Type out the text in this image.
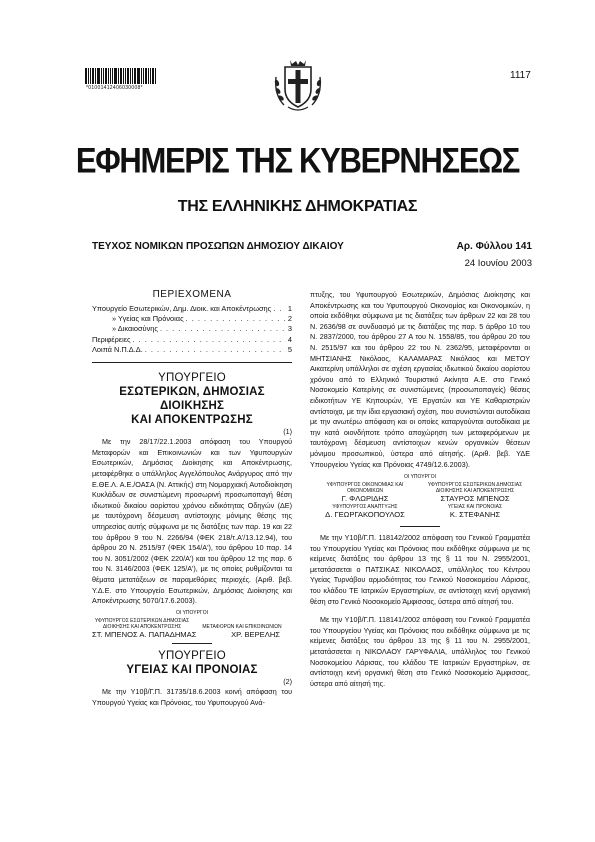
*01001412406030008*
1117
ΕΦΗΜΕΡΙΣ ΤΗΣ ΚΥΒΕΡΝΗΣΕΩΣ
ΤΗΣ ΕΛΛΗΝΙΚΗΣ ΔΗΜΟΚΡΑΤΙΑΣ
ΤΕΥΧΟΣ ΝΟΜΙΚΩΝ ΠΡΟΣΩΠΩΝ ΔΗΜΟΣΙΟΥ ΔΙΚΑΙΟΥ	Αρ. Φύλλου 141
24 Ιουνίου 2003
ΠΕΡΙΕΧΟΜΕΝΑ
Υπουργείο Εσωτερικών, Δημ. Διοικ. και Αποκέντρωσης . . . 1
» Υγείας και Πρόνοιας . . .	2
» Δικαιοσύνης . . .	3
Περιφέρειες . . .	4
Λοιπά Ν.Π.Δ.Δ. . . .	5
ΥΠΟΥΡΓΕΙΟ
ΕΣΩΤΕΡΙΚΩΝ, ΔΗΜΟΣΙΑΣ ΔΙΟΙΚΗΣΗΣ
ΚΑΙ ΑΠΟΚΕΝΤΡΩΣΗΣ
(1)

Με την 28/17/22.1.2003 απόφαση του Υπουργού Μεταφορών και Επικοινωνιών και των Υφυπουργών Εσωτερικών, Δημόσιας Διοίκησης και Αποκέντρωσης, μεταφέρθηκε ο υπάλληλος Αγγελόπουλος Ανάργυρος από την Ε.ΘΕ.Λ. Α.Ε./ΟΑΣΑ (Ν. Αττικής) στη Νομαρχιακή Αυτοδιοίκηση Κυκλάδων σε συνιστώμενη προσωρινή προσωποπαγή θέση ιδιωτικού δικαίου αορίστου χρόνου ειδικότητας Οδηγών (ΔΕ) με ταυτόχρονη δέσμευση αντίστοιχης μόνιμης θέσης της υπηρεσίας αυτής σύμφωνα με τις διατάξεις των παρ. 19 και 22 του άρθρου 9 του Ν. 2266/94 (ΦΕΚ 218/τ.Α'/13.12.94), του άρθρου 20 Ν. 2515/97 (ΦΕΚ 154/Α'), του άρθρου 10 παρ. 14 του Ν. 3051/2002 (ΦΕΚ 220/Α') και του άρθρου 12 της παρ. 6 του Ν. 3146/2003 (ΦΕΚ 125/Α'), με τις οποίες ρυθμίζονται τα θέματα μετατάξεων σε παραμεθόριες περιοχές. (Αριθ. βεβ. Υ.Δ.Ε. στο Υπουργείο Εσωτερικών, Δημόσιας Διοίκησης και Αποκέντρωσης 5070/17.6.2003).

ΟΙ ΥΠΟΥΡΓΟΙ
ΥΦΥΠΟΥΡΓΟΣ ΕΣΩΤΕΡΙΚΩΝ ΔΗΜΟΣΙΑΣ ΔΙΟΙΚΗΣΗΣ ΚΑΙ ΑΠΟΚΕΝΤΡΩΣΗΣ	ΜΕΤΑΦΟΡΩΝ ΚΑΙ ΕΠΙΚΟΙΝΩΝΙΩΝ
ΣΤ. ΜΠΕΝΟΣ Α. ΠΑΠΑΔΗΜΑΣ	ΧΡ. ΒΕΡΕΛΗΣ
ΥΠΟΥΡΓΕΙΟ
ΥΓΕΙΑΣ ΚΑΙ ΠΡΟΝΟΙΑΣ
(2)

Με την Υ10β/Γ.Π. 31735/18.6.2003 κοινή απόφαση του Υπουργού Υγείας και Πρόνοιας, του Υφυπουργού Ανά-

πτυξης, του Υφυπουργού Εσωτερικών, Δημόσιας Διοίκησης και Αποκέντρωσης και του Υφυπουργού Οικονομίας και Οικονομικών, η οποία εκδόθηκε σύμφωνα με τις διατάξεις των άρθρων 22 και 28 του Ν. 2636/98 σε συνδυασμό με τις διατάξεις της παρ. 5 άρθρο 10 του Ν. 2837/2000, του άρθρου 27 Α του Ν. 1558/85, του άρθρου 20 του Ν. 2515/97 και του άρθρου 22 του Ν. 2362/95, μεταφέρονται οι ΜΗΤΣΙΑΝΗΣ Νικόλαος, ΚΑΛΑΜΑΡΑΣ Νικόλαος και ΜΕΤΟΥ Αικατερίνη υπάλληλοι σε σχέση εργασίας ιδιωτικού δικαίου αορίστου χρόνου από το Ελληνικό Τουριστικό Ακίνητα Α.Ε. στο Γενικό Νοσοκομείο Κατερίνης σε συνιστώμενες (προσωποπαγείς) θέσεις ειδικοτήτων ΥΕ Κηπουρών, ΥΕ Εργατών και ΥΕ Καθαριστριών αντίστοιχα, με την ίδια εργασιακή σχέση, που συνιστώνται αυτοδίκαια με την ανωτέρω απόφαση και οι οποίες καταργούνται αυτοδίκαια με την κατά οιονδήποτε τρόπο αποχώρηση των μεταφερόμενων με ταυτόχρονη δέσμευση αντίστοιχων κενών οργανικών θέσεων μόνιμου προσωπικού, ύστερα από αίτησής. (Αριθ. βεβ. ΥΔΕ Υπουργείου Υγείας και Πρόνοιας 4749/12.6.2003).

ΟΙ ΥΠΟΥΡΓΟΙ
ΥΦΥΠΟΥΡΓΟΣ ΟΙΚΟΝΟΜΙΑΣ ΚΑΙ ΟΙΚΟΝΟΜΙΚΩΝ
Γ. ΦΛΩΡΙΔΗΣ
ΥΦΥΠΟΥΡΓΟΣ ΕΣΩΤΕΡΙΚΩΝ ΔΗΜΟΣΙΑΣ ΔΙΟΙΚΗΣΗΣ ΚΑΙ ΑΠΟΚΕΝΤΡΩΣΗΣ
ΣΤΑΥΡΟΣ ΜΠΕΝΟΣ
ΥΦΥΠΟΥΡΓΟΣ ΑΝΑΠΤΥΞΗΣ
Δ. ΓΕΩΡΓΑΚΟΠΟΥΛΟΣ
ΥΓΕΙΑΣ ΚΑΙ ΠΡΟΝΟΙΑΣ
Κ. ΣΤΕΦΑΝΗΣ

Με την Υ10β/Γ.Π. 118142/2002 απόφαση του Γενικού Γραμματέα του Υπουργείου Υγείας και Πρόνοιας που εκδόθηκε σύμφωνα με τις κείμενες διατάξεις του άρθρου 13 της § 11 του Ν. 2955/2001, μετατάσσεται ο ΠΑΤΣΙΚΑΣ ΝΙΚΟΛΑΟΣ, υπάλληλος του Κέντρου Υγείας Τυρνάβου αρμοδιότητας του Γενικού Νοσοκομείου Λάρισας, του κλάδου ΤΕ Ιατρικών Εργαστηρίων, σε αντίστοιχη κενή οργανική θέση στο Γενικό Νοσοκομείο Άμφισσας, ύστερα από αίτησή του.

Με την Υ10β/Γ.Π. 118141/2002 απόφαση του Γενικού Γραμματέα του Υπουργείου Υγείας και Πρόνοιας που εκδόθηκε σύμφωνα με τις κείμενες διατάξεις του άρθρου 13 της § 11 του Ν. 2955/2001, μετατάσσεται η ΝΙΚΟΛΑΟΥ ΓΑΡΥΦΑΛΙΑ, υπάλληλος του Γενικού Νοσοκομείου Λάρισας, του κλάδου ΤΕ Ιατρικών Εργαστηρίων, σε αντίστοιχη κενή οργανική θέση στο Γενικό Νοσοκομείο Άμφισσας, ύστερα από αίτησή της.
